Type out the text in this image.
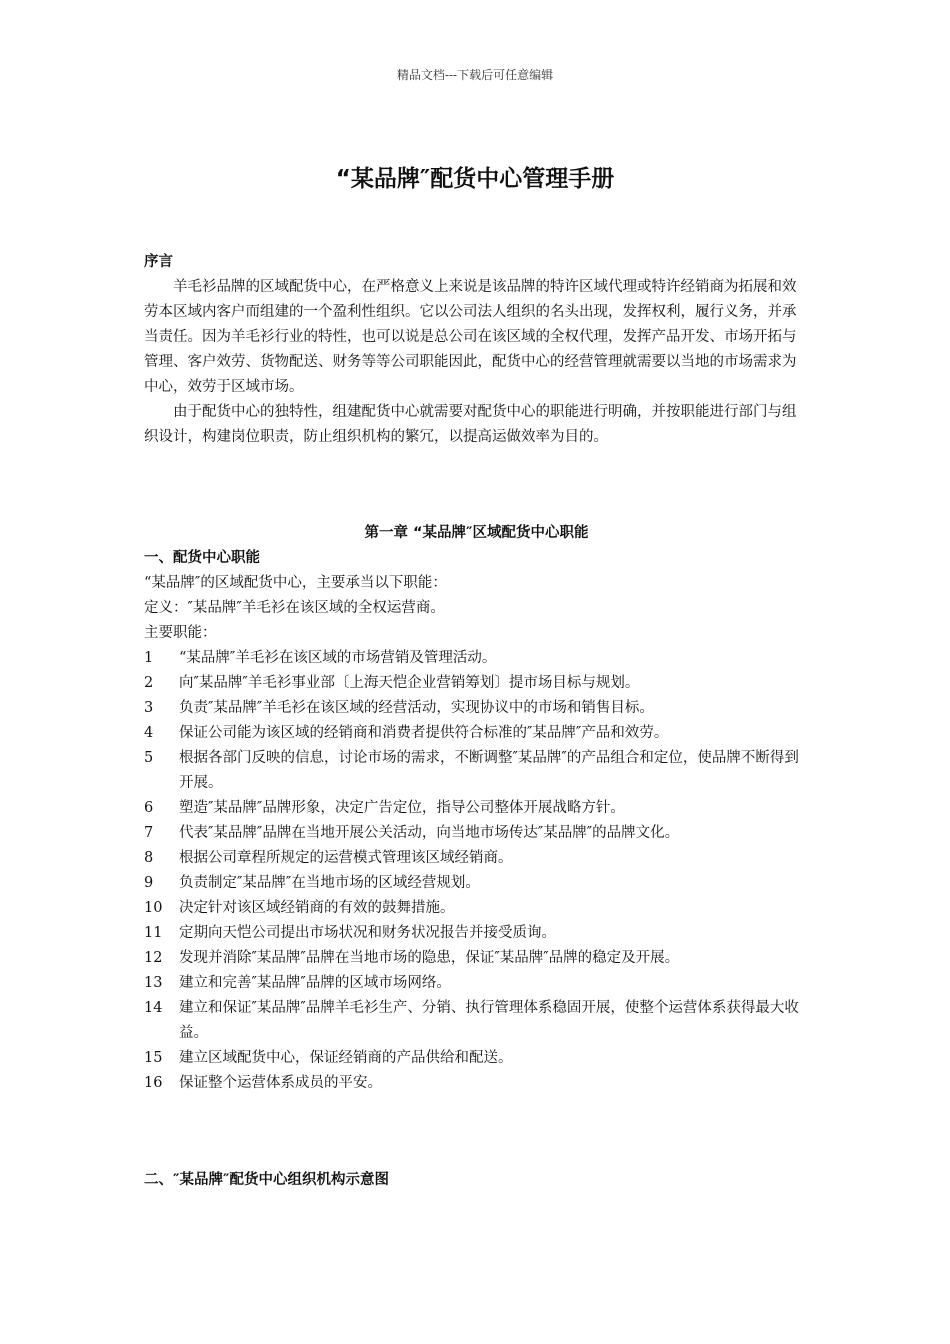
精品文档---下载后可任意编辑
“某品牌″配货中心管理手册
序言

羊毛衫品牌的区域配货中心，在严格意义上来说是该品牌的特许区域代理或特许经销商为拓展和效劳本区域内客户而组建的一个盈利性组织。它以公司法人组织的名头出现，发挥权利，履行义务，并承当责任。因为羊毛衫行业的特性，也可以说是总公司在该区域的全权代理，发挥产品开发、市场开拓与管理、客户效劳、货物配送、财务等等公司职能因此，配货中心的经营管理就需要以当地的市场需求为中心，效劳于区域市场。

由于配货中心的独特性，组建配货中心就需要对配货中心的职能进行明确，并按职能进行部门与组织设计，构建岗位职责，防止组织机构的繁冗，以提高运做效率为目的。

第一章 “某品牌″区域配货中心职能
一、配货中心职能

“某品牌″的区域配货中心，主要承当以下职能：

定义：″某品牌″羊毛衫在该区域的全权运营商。

主要职能：

1	“某品牌″羊毛衫在该区域的市场营销及管理活动。
2	向″某品牌″羊毛衫事业部〔上海天恺企业营销筹划〕提市场目标与规划。
3	负责″某品牌″羊毛衫在该区域的经营活动，实现协议中的市场和销售目标。
4	保证公司能为该区域的经销商和消费者提供符合标准的″某品牌″产品和效劳。
5	根据各部门反映的信息，讨论市场的需求，不断调整″某品牌″的产品组合和定位，使品牌不断得到开展。
6	塑造″某品牌″品牌形象，决定广告定位，指导公司整体开展战略方针。
7	代表″某品牌″品牌在当地开展公关活动，向当地市场传达″某品牌″的品牌文化。
8	根据公司章程所规定的运营模式管理该区域经销商。
9	负责制定″某品牌″在当地市场的区域经营规划。
10	决定针对该区域经销商的有效的鼓舞措施。
11	定期向天恺公司提出市场状况和财务状况报告并接受质询。
12	发现并消除″某品牌″品牌在当地市场的隐患，保证″某品牌″品牌的稳定及开展。
13	建立和完善″某品牌″品牌的区域市场网络。
14	建立和保证″某品牌″品牌羊毛衫生产、分销、执行管理体系稳固开展，使整个运营体系获得最大收益。
15	建立区域配货中心，保证经销商的产品供给和配送。
16	保证整个运营体系成员的平安。
二、″某品牌″配货中心组织机构示意图
